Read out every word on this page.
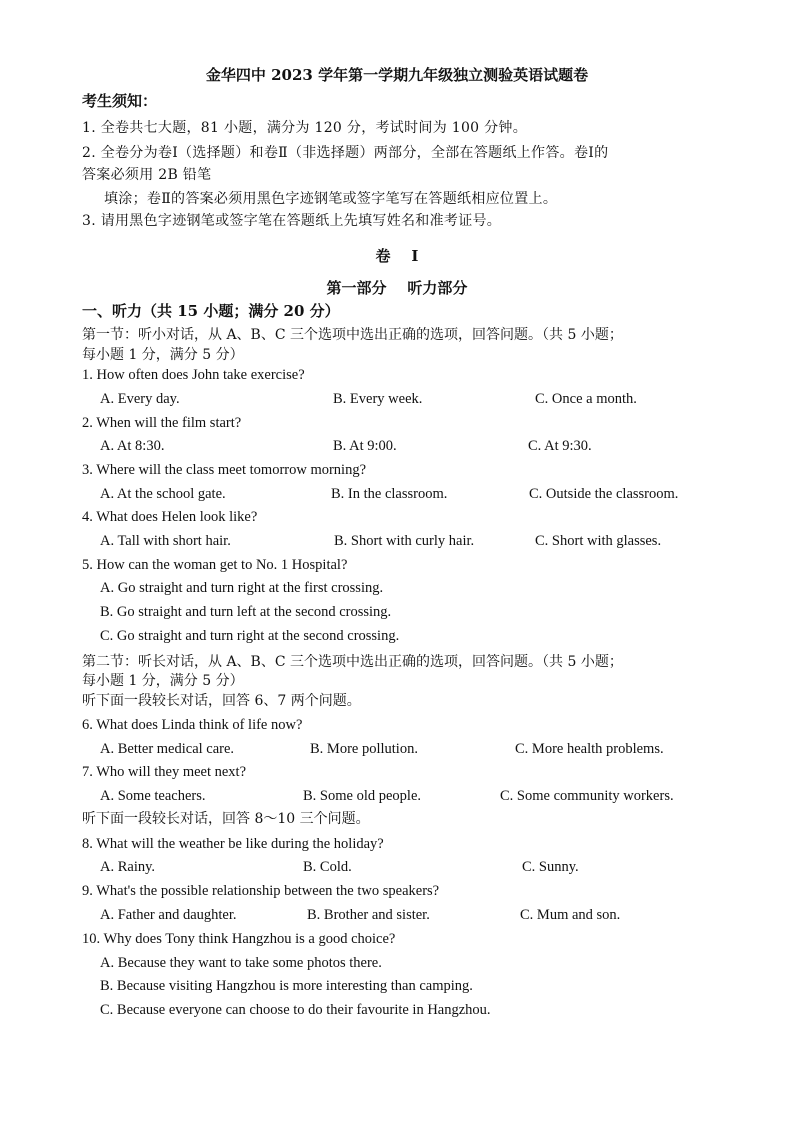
金华四中 2023 学年第一学期九年级独立测验英语试题卷
考生须知：
1. 全卷共七大题，81 小题，满分为 120 分，考试时间为 100 分钟。
2. 全卷分为卷Ⅰ（选择题）和卷Ⅱ（非选择题）两部分，全部在答题纸上作答。卷Ⅰ的
答案必须用 2B 铅笔
填涂；卷Ⅱ的答案必须用黑色字迹钢笔或签字笔写在答题纸相应位置上。
3. 请用黑色字迹钢笔或签字笔在答题纸上先填写姓名和准考证号。
卷    Ⅰ
第一部分    听力部分
一、听力（共 15 小题；满分 20 分）
第一节：听小对话，从 A、B、C 三个选项中选出正确的选项，回答问题。（共 5 小题；
每小题 1 分，满分 5 分）
1. How often does John take exercise?
A. Every day.	B. Every week.	C. Once a month.
2. When will the film start?
A. At 8:30.	B. At 9:00.	C. At 9:30.
3. Where will the class meet tomorrow morning?
A. At the school gate.	B. In the classroom.	C. Outside the classroom.
4. What does Helen look like?
A. Tall with short hair.	B. Short with curly hair.	C. Short with glasses.
5. How can the woman get to No. 1 Hospital?
A. Go straight and turn right at the first crossing.
B. Go straight and turn left at the second crossing.
C. Go straight and turn right at the second crossing.
第二节：听长对话，从 A、B、C 三个选项中选出正确的选项，回答问题。（共 5 小题；
每小题 1 分，满分 5 分）
听下面一段较长对话，回答 6、7 两个问题。
6. What does Linda think of life now?
A. Better medical care.	B. More pollution.	C. More health problems.
7. Who will they meet next?
A. Some teachers.	B. Some old people.	C. Some community workers.
听下面一段较长对话，回答 8～10 三个问题。
8. What will the weather be like during the holiday?
A. Rainy.	B. Cold.	C. Sunny.
9. What's the possible relationship between the two speakers?
A. Father and daughter.	B. Brother and sister.	C. Mum and son.
10. Why does Tony think Hangzhou is a good choice?
A. Because they want to take some photos there.
B. Because visiting Hangzhou is more interesting than camping.
C. Because everyone can choose to do their favourite in Hangzhou.
